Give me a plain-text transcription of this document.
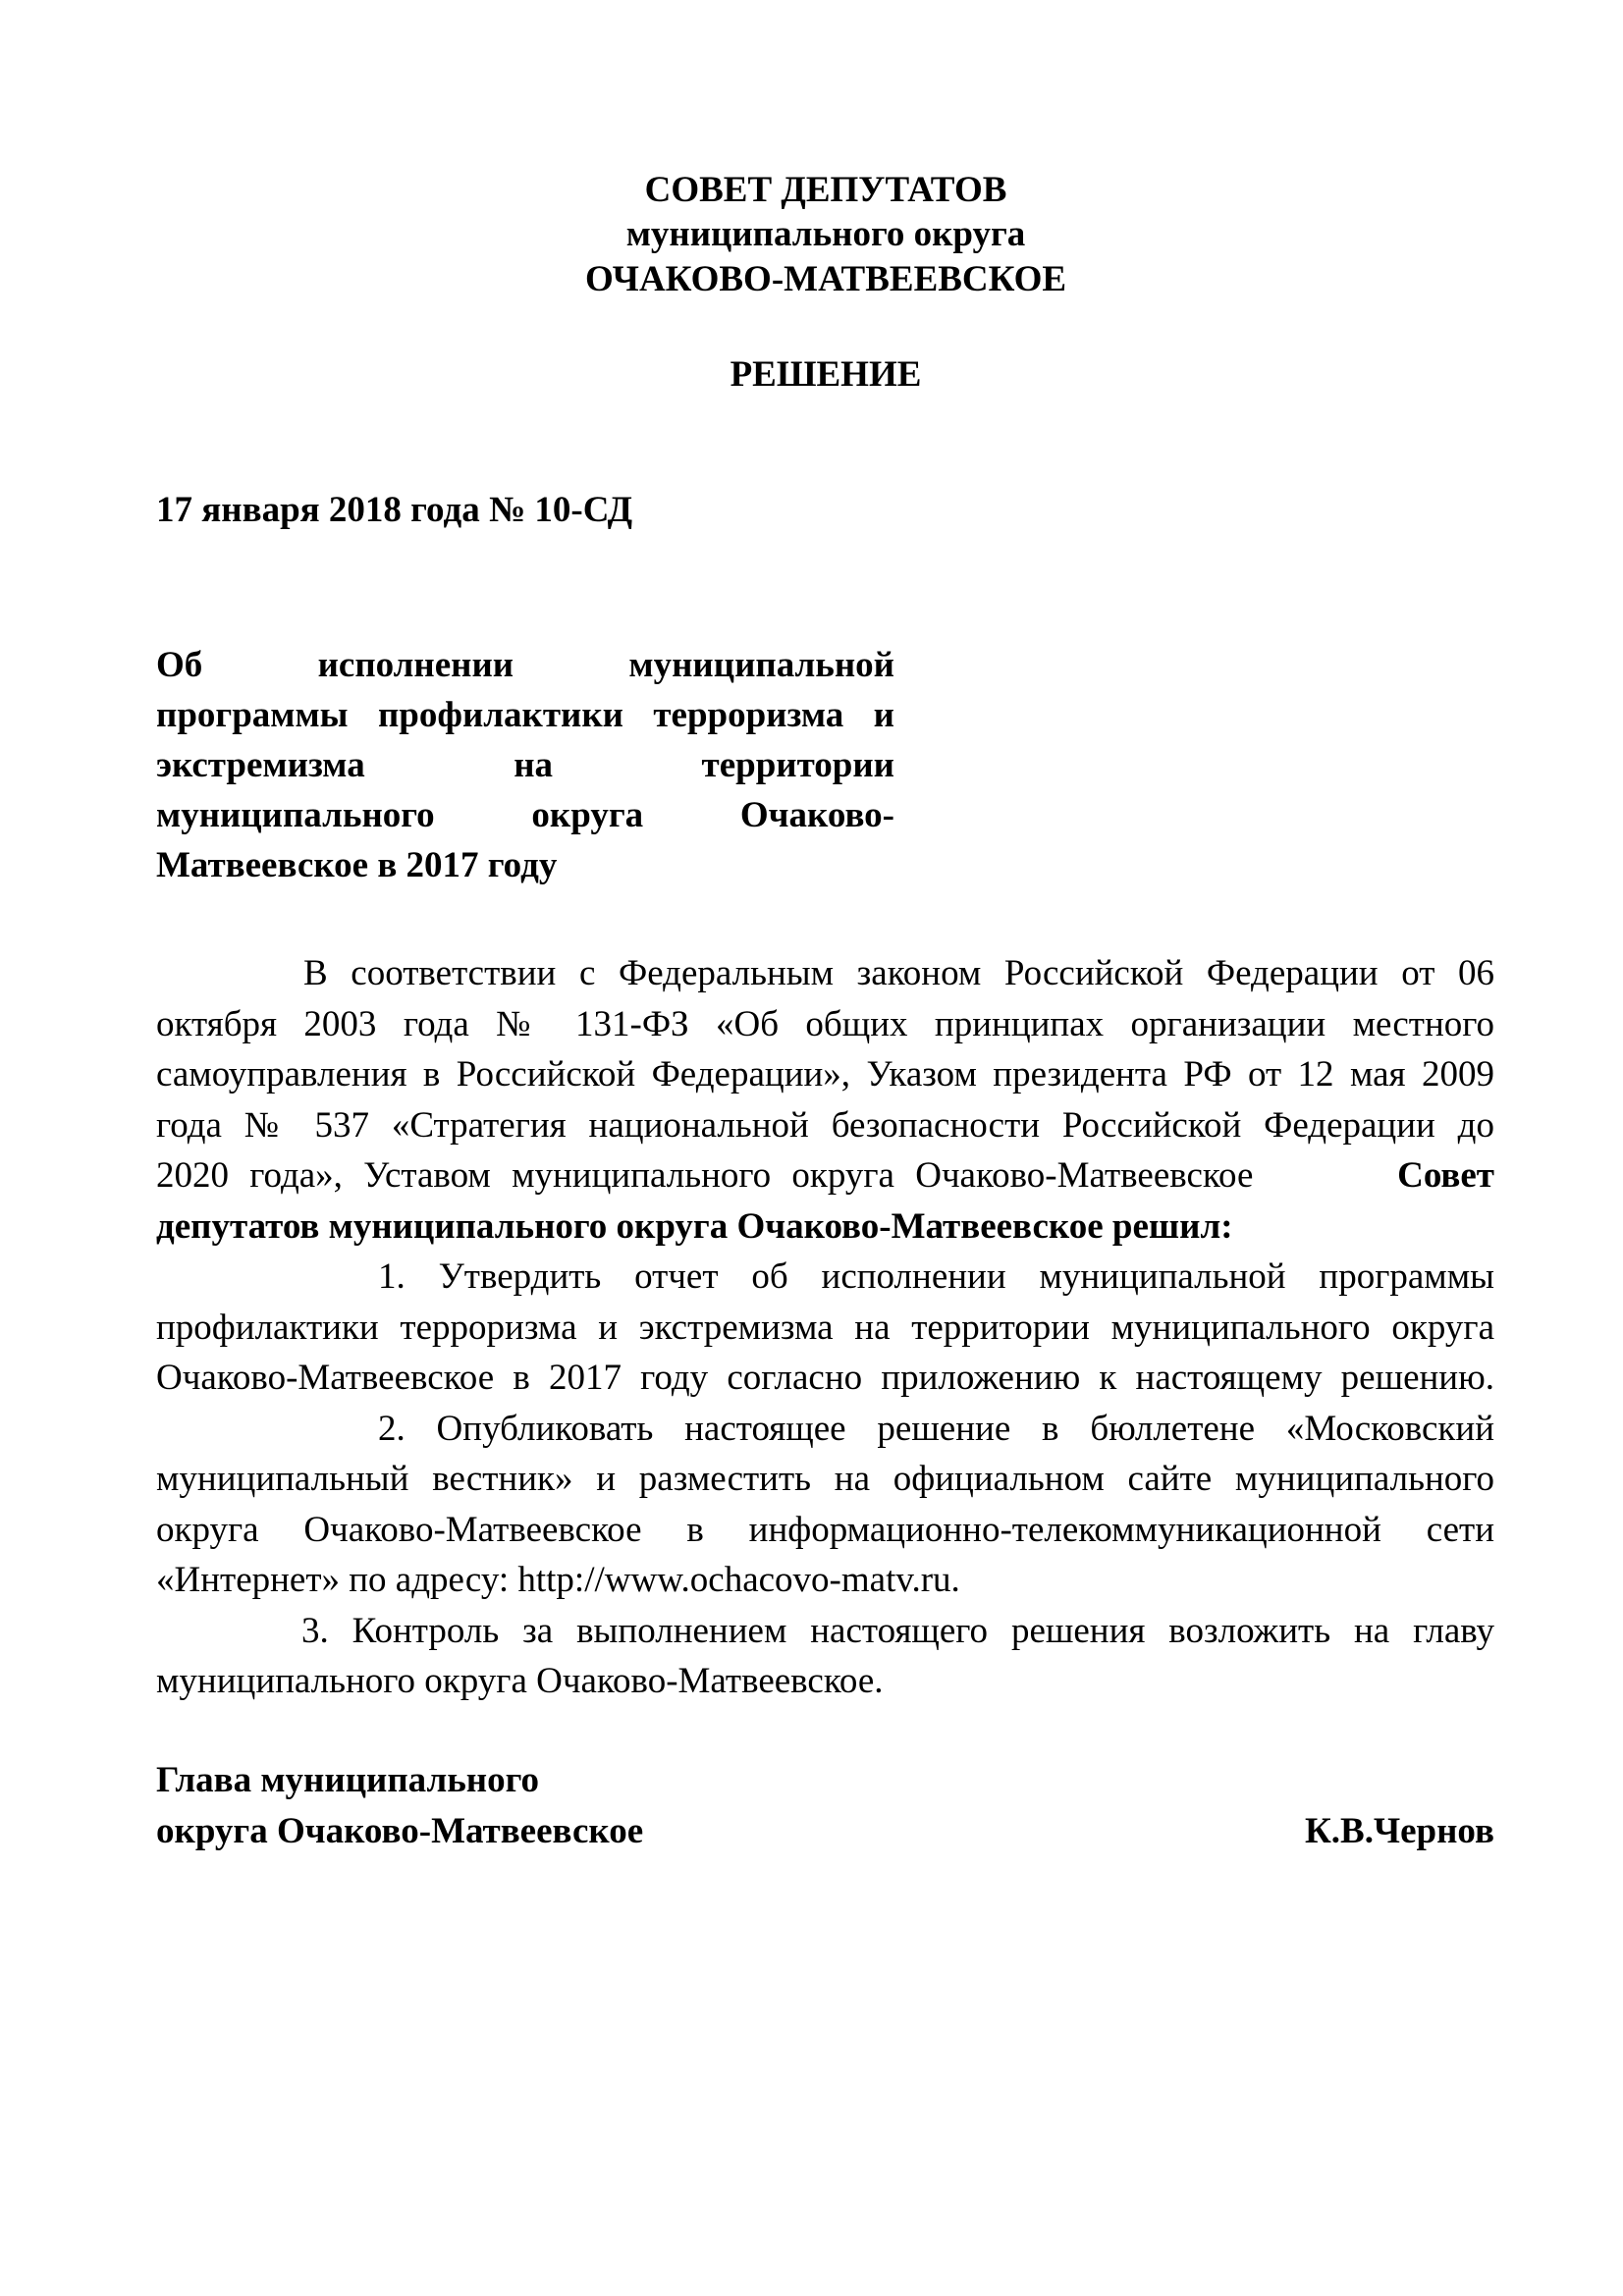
СОВЕТ ДЕПУТАТОВ
муниципального округа
ОЧАКОВО-МАТВЕЕВСКОЕ
РЕШЕНИЕ
17 января 2018 года № 10-СД
Об исполнении муниципальной
программы профилактики терроризма и
экстремизма на территории
муниципального округа Очаково-
Матвеевское в 2017 году
В соответствии с Федеральным законом Российской Федерации от 06
октября 2003 года № 131-ФЗ «Об общих принципах организации местного
самоуправления в Российской Федерации», Указом президента РФ от 12 мая 2009
года № 537 «Стратегия национальной безопасности Российской Федерации до
2020 года», Уставом муниципального округа Очаково-Матвеевское	Совет
депутатов муниципального округа Очаково-Матвеевское решил:
1. Утвердить отчет об исполнении муниципальной программы
профилактики терроризма и экстремизма на территории муниципального округа
Очаково-Матвеевское в 2017 году согласно приложению к настоящему решению.
2. Опубликовать настоящее решение в бюллетене «Московский
муниципальный вестник» и разместить на официальном сайте муниципального
округа Очаково-Матвеевское в информационно-телекоммуникационной сети
«Интернет» по адресу: http://www.ochacovo-matv.ru.
3. Контроль за выполнением настоящего решения возложить на главу
муниципального округа Очаково-Матвеевское.
Глава муниципального
округа Очаково-Матвеевское	К.В.Чернов
